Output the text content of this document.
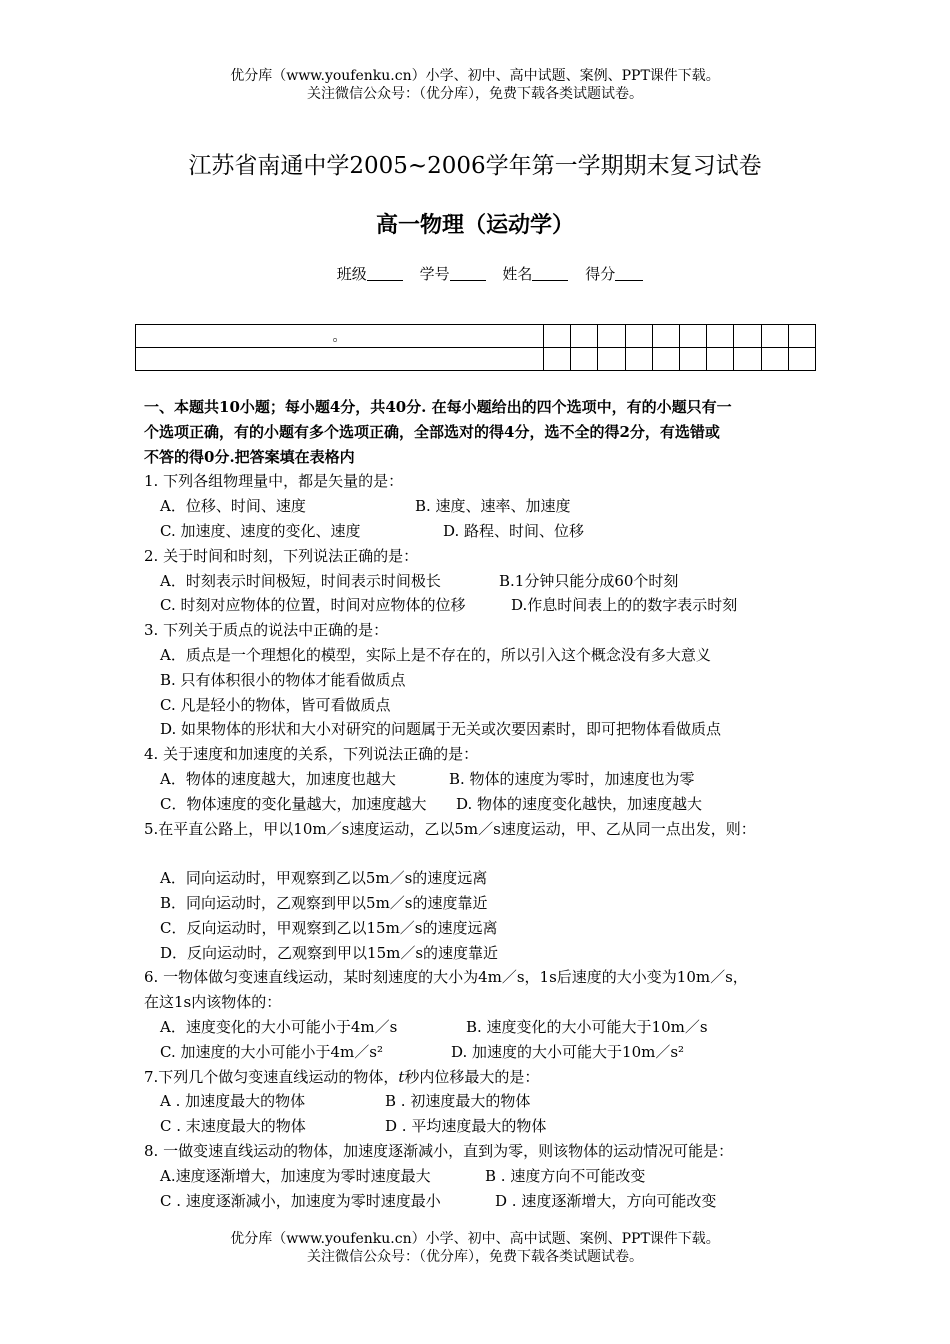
优分库（www.youfenku.cn）小学、初中、高中试题、案例、PPT课件下载。
关注微信公众号：（优分库），免费下载各类试题试卷。
江苏省南通中学2005~2006学年第一学期期末复习试卷
高一物理（运动学）
班级	学号	姓名	得分
。										

一、本题共10小题；每小题4分，共40分. 在每小题给出的四个选项中，有的小题只有一
个选项正确，有的小题有多个选项正确，全部选对的得4分，选不全的得2分，有选错或
不答的得0分.把答案填在表格内
1. 下列各组物理量中，都是矢量的是：
A．位移、时间、速度	B. 速度、速率、加速度
C. 加速度、速度的变化、速度	D. 路程、时间、位移
2. 关于时间和时刻，下列说法正确的是：
A．时刻表示时间极短，时间表示时间极长	B.1分钟只能分成60个时刻
C. 时刻对应物体的位置，时间对应物体的位移	D.作息时间表上的的数字表示时刻
3. 下列关于质点的说法中正确的是：
A．质点是一个理想化的模型，实际上是不存在的，所以引入这个概念没有多大意义
B. 只有体积很小的物体才能看做质点
C. 凡是轻小的物体，皆可看做质点
D. 如果物体的形状和大小对研究的问题属于无关或次要因素时，即可把物体看做质点
4. 关于速度和加速度的关系，下列说法正确的是：
A．物体的速度越大，加速度也越大	B. 物体的速度为零时，加速度也为零
C．物体速度的变化量越大，加速度越大 D. 物体的速度变化越快，加速度越大
5.在平直公路上，甲以10m／s速度运动，乙以5m／s速度运动，甲、乙从同一点出发，则：
A．同向运动时，甲观察到乙以5m／s的速度远离
B．同向运动时，乙观察到甲以5m／s的速度靠近
C．反向运动时，甲观察到乙以15m／s的速度远离
D．反向运动时，乙观察到甲以15m／s的速度靠近
6. 一物体做匀变速直线运动，某时刻速度的大小为4m／s，1s后速度的大小变为10m／s，
在这1s内该物体的：
A．速度变化的大小可能小于4m／s	B. 速度变化的大小可能大于10m／s
C. 加速度的大小可能小于4m／s²	D. 加速度的大小可能大于10m／s²
7.下列几个做匀变速直线运动的物体，t秒内位移最大的是：
A . 加速度最大的物体	B . 初速度最大的物体
C . 末速度最大的物体	D . 平均速度最大的物体
8. 一做变速直线运动的物体，加速度逐渐减小，直到为零，则该物体的运动情况可能是：
A.速度逐渐增大，加速度为零时速度最大	B . 速度方向不可能改变
C . 速度逐渐减小，加速度为零时速度最小	D . 速度逐渐增大，方向可能改变
优分库（www.youfenku.cn）小学、初中、高中试题、案例、PPT课件下载。
关注微信公众号：（优分库），免费下载各类试题试卷。
